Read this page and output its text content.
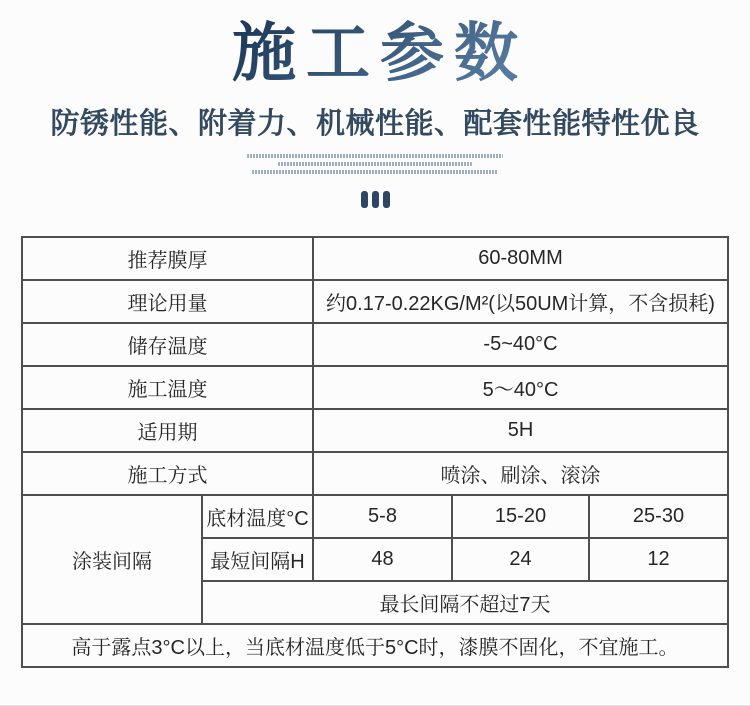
施工参数

防锈性能、附着力、机械性能、配套性能特性优良

推荐膜厚		60-80MM		
理论用量		约0.17-0.22KG/M²(以50UM计算，不含损耗)		
储存温度		-5~40°C		
施工温度		5～40°C		
适用期		5H		
施工方式		喷涂、刷涂、滚涂		
涂装间隔	底材温度°C	5-8	15-20	25-30
	最短间隔H	48	24	12
	最长间隔不超过7天			
高于露点3°C以上，当底材温度低于5°C时，漆膜不固化，不宜施工。				
